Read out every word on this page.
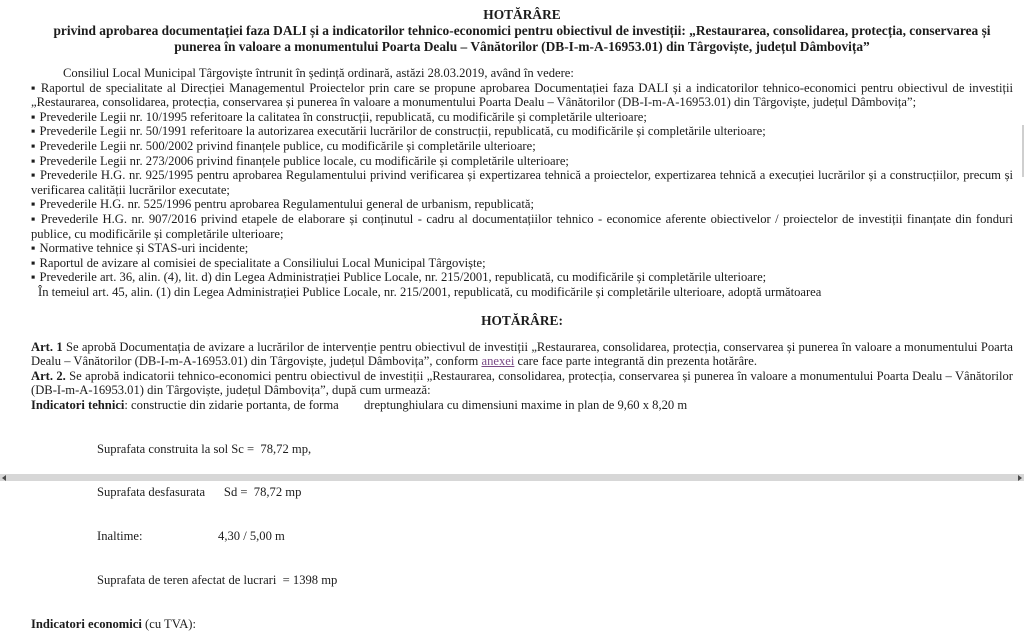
HOTĂRÂRE
privind aprobarea documentației faza DALI și a indicatorilor tehnico-economici pentru obiectivul de investiții: „Restaurarea, consolidarea, protecția, conservarea și punerea în valoare a monumentului Poarta Dealu – Vânătorilor (DB-I-m-A-16953.01) din Târgoviște, județul Dâmbovița”

Consiliul Local Municipal Târgoviște întrunit în ședință ordinară, astăzi 28.03.2019, având în vedere:

▪ Raportul de specialitate al Direcției Managementul Proiectelor prin care se propune aprobarea Documentației faza DALI și a indicatorilor tehnico-economici pentru obiectivul de investiții „Restaurarea, consolidarea, protecția, conservarea și punerea în valoare a monumentului Poarta Dealu – Vânătorilor (DB-I-m-A-16953.01) din Târgoviște, județul Dâmbovița”;

▪ Prevederile Legii nr. 10/1995 referitoare la calitatea în construcții, republicată, cu modificările și completările ulterioare;

▪ Prevederile Legii nr. 50/1991 referitoare la autorizarea executării lucrărilor de construcții, republicată, cu modificările și completările ulterioare;

▪ Prevederile Legii nr. 500/2002 privind finanțele publice, cu modificările și completările ulterioare;

▪ Prevederile Legii nr. 273/2006 privind finanțele publice locale, cu modificările și completările ulterioare;

▪ Prevederile H.G. nr. 925/1995 pentru aprobarea Regulamentului privind verificarea și expertizarea tehnică a proiectelor, expertizarea tehnică a execuției lucrărilor și a construcțiilor, precum și verificarea calității lucrărilor executate;

▪ Prevederile H.G. nr. 525/1996 pentru aprobarea Regulamentului general de urbanism, republicată;

▪ Prevederile H.G. nr. 907/2016 privind etapele de elaborare și conținutul - cadru al documentațiilor tehnico - economice aferente obiectivelor / proiectelor de investiții finanțate din fonduri publice, cu modificările și completările ulterioare;

▪ Normative tehnice și STAS-uri incidente;

▪ Raportul de avizare al comisiei de specialitate a Consiliului Local Municipal Târgoviște;

▪ Prevederile art. 36, alin. (4), lit. d) din Legea Administrației Publice Locale, nr. 215/2001, republicată, cu modificările și completările ulterioare;

În temeiul art. 45, alin. (1) din Legea Administrației Publice Locale, nr. 215/2001, republicată, cu modificările și completările ulterioare, adoptă următoarea

HOTĂRÂRE:

Art. 1 Se aprobă Documentația de avizare a lucrărilor de intervenție pentru obiectivul de investiții „Restaurarea, consolidarea, protecția, conservarea și punerea în valoare a monumentului Poarta Dealu – Vânătorilor (DB-I-m-A-16953.01) din Târgoviște, județul Dâmbovița”, conform anexei care face parte integrantă din prezenta hotărâre.

Art. 2. Se aprobă indicatorii tehnico-economici pentru obiectivul de investiții „Restaurarea, consolidarea, protecția, conservarea și punerea în valoare a monumentului Poarta Dealu – Vânătorilor (DB-I-m-A-16953.01) din Târgoviște, județul Dâmbovița”, după cum urmează:

Indicatori tehnici: constructie din zidarie portanta, de forma        dreptunghiulara cu dimensiuni maxime in plan de 9,60 x 8,20 m

Suprafata construita la sol Sc =  78,72 mp,

Suprafata desfasurata      Sd =  78,72 mp

Inaltime:                        4,30 / 5,00 m

Suprafata de teren afectat de lucrari  = 1398 mp

Indicatori economici (cu TVA):
